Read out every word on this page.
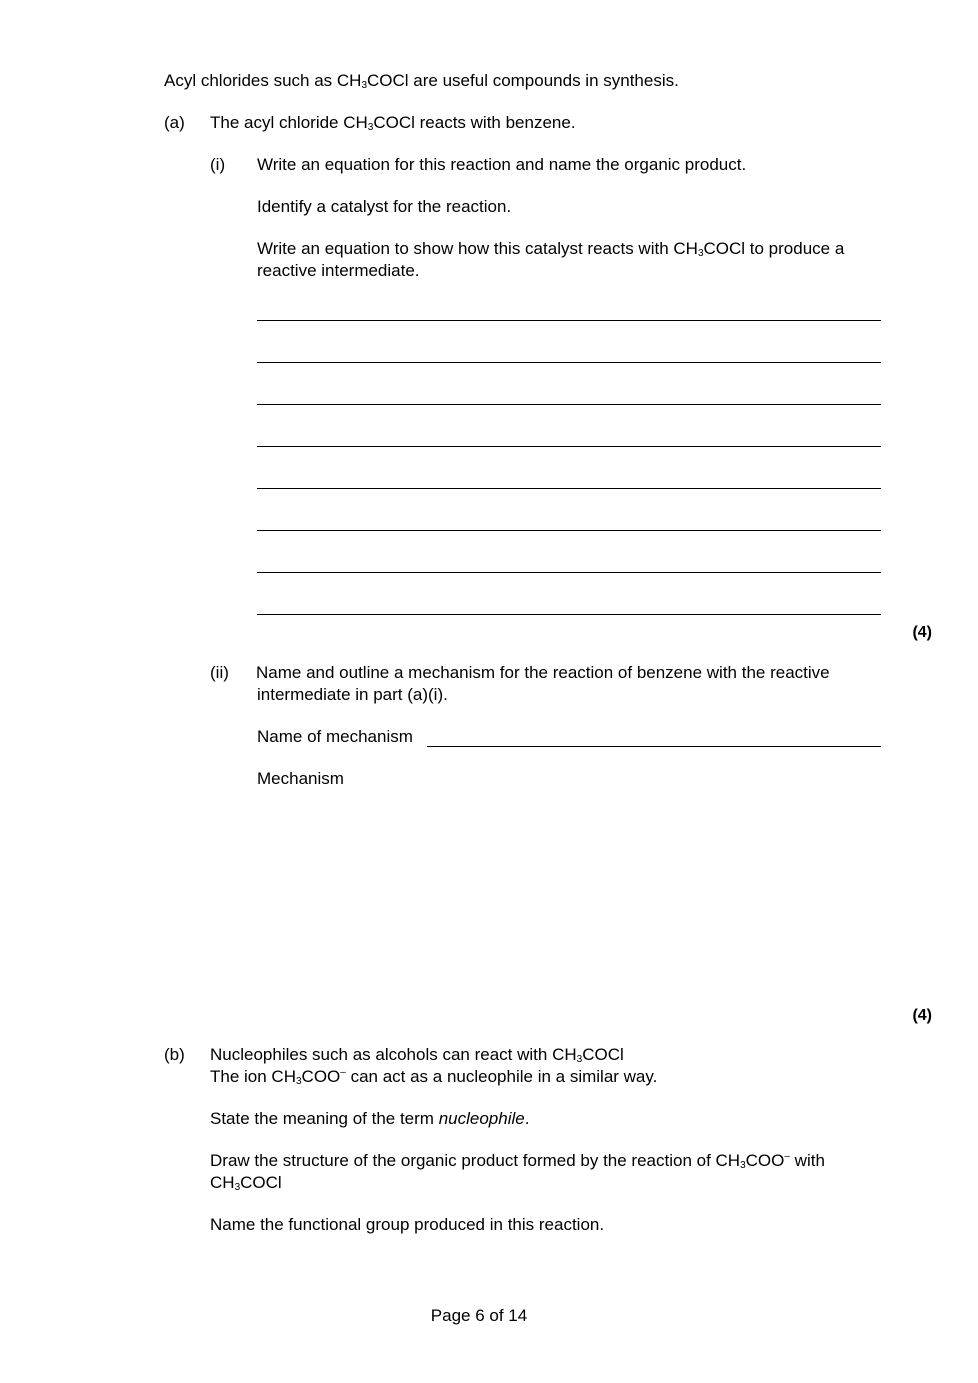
Acyl chlorides such as $CH_3COCl$ are useful compounds in synthesis.
(a) The acyl chloride $CH_3COCl$ reacts with benzene.
(i) Write an equation for this reaction and name the organic product.
Identify a catalyst for the reaction.
Write an equation to show how this catalyst reacts with $CH_3COCl$ to produce a
reactive intermediate.
(4)
(ii) Name and outline a mechanism for the reaction of benzene with the reactive
intermediate in part (a)(i).
Name of mechanism
Mechanism
(4)
(b) Nucleophiles such as alcohols can react with $CH_3COCl$
The ion $CH_3COO^-$ can act as a nucleophile in a similar way.
State the meaning of the term nucleophile.
Draw the structure of the organic product formed by the reaction of $CH_3COO^-$ with
$CH_3COCl$
Name the functional group produced in this reaction.
Page 6 of 14
